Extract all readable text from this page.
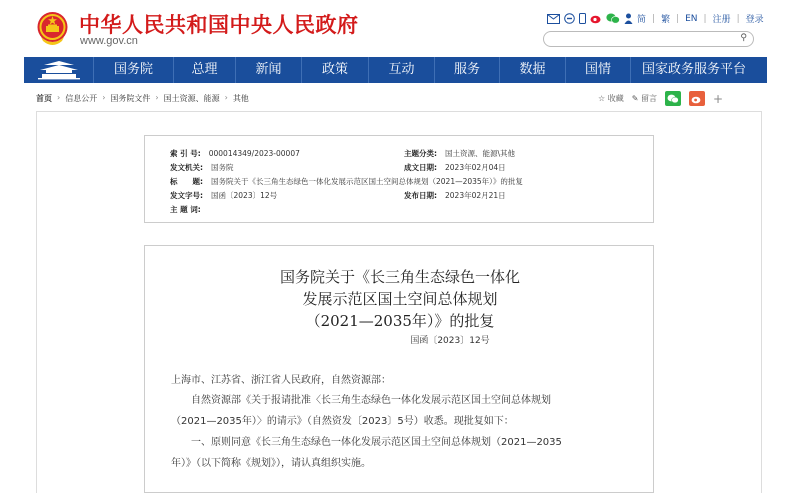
中华人民共和国中央人民政府
www.gov.cn
简 | 繁 | EN | 注册 | 登录
⚲
国务院	总理	新闻	政策	互动	服务	数据	国情	国家政务服务平台
首页 › 信息公开 › 国务院文件 › 国土资源、能源 › 其他	☆ 收藏 ✎ 留言	+
索 引 号: 000014349/2023-00007	主题分类: 国土资源、能源\其他
发文机关: 国务院	成文日期: 2023年02月04日
标　　题: 国务院关于《长三角生态绿色一体化发展示范区国土空间总体规划（2021—2035年）》的批复
发文字号: 国函〔2023〕12号	发布日期: 2023年02月21日
主 题 词:
国务院关于《长三角生态绿色一体化
发展示范区国土空间总体规划
（2021—2035年）》的批复
国函〔2023〕12号
上海市、江苏省、浙江省人民政府，自然资源部：
自然资源部《关于报请批准〈长三角生态绿色一体化发展示范区国土空间总体规划
（2021—2035年）〉的请示》（自然资发〔2023〕5号）收悉。现批复如下：
一、原则同意《长三角生态绿色一体化发展示范区国土空间总体规划（2021—2035
年）》（以下简称《规划》），请认真组织实施。
